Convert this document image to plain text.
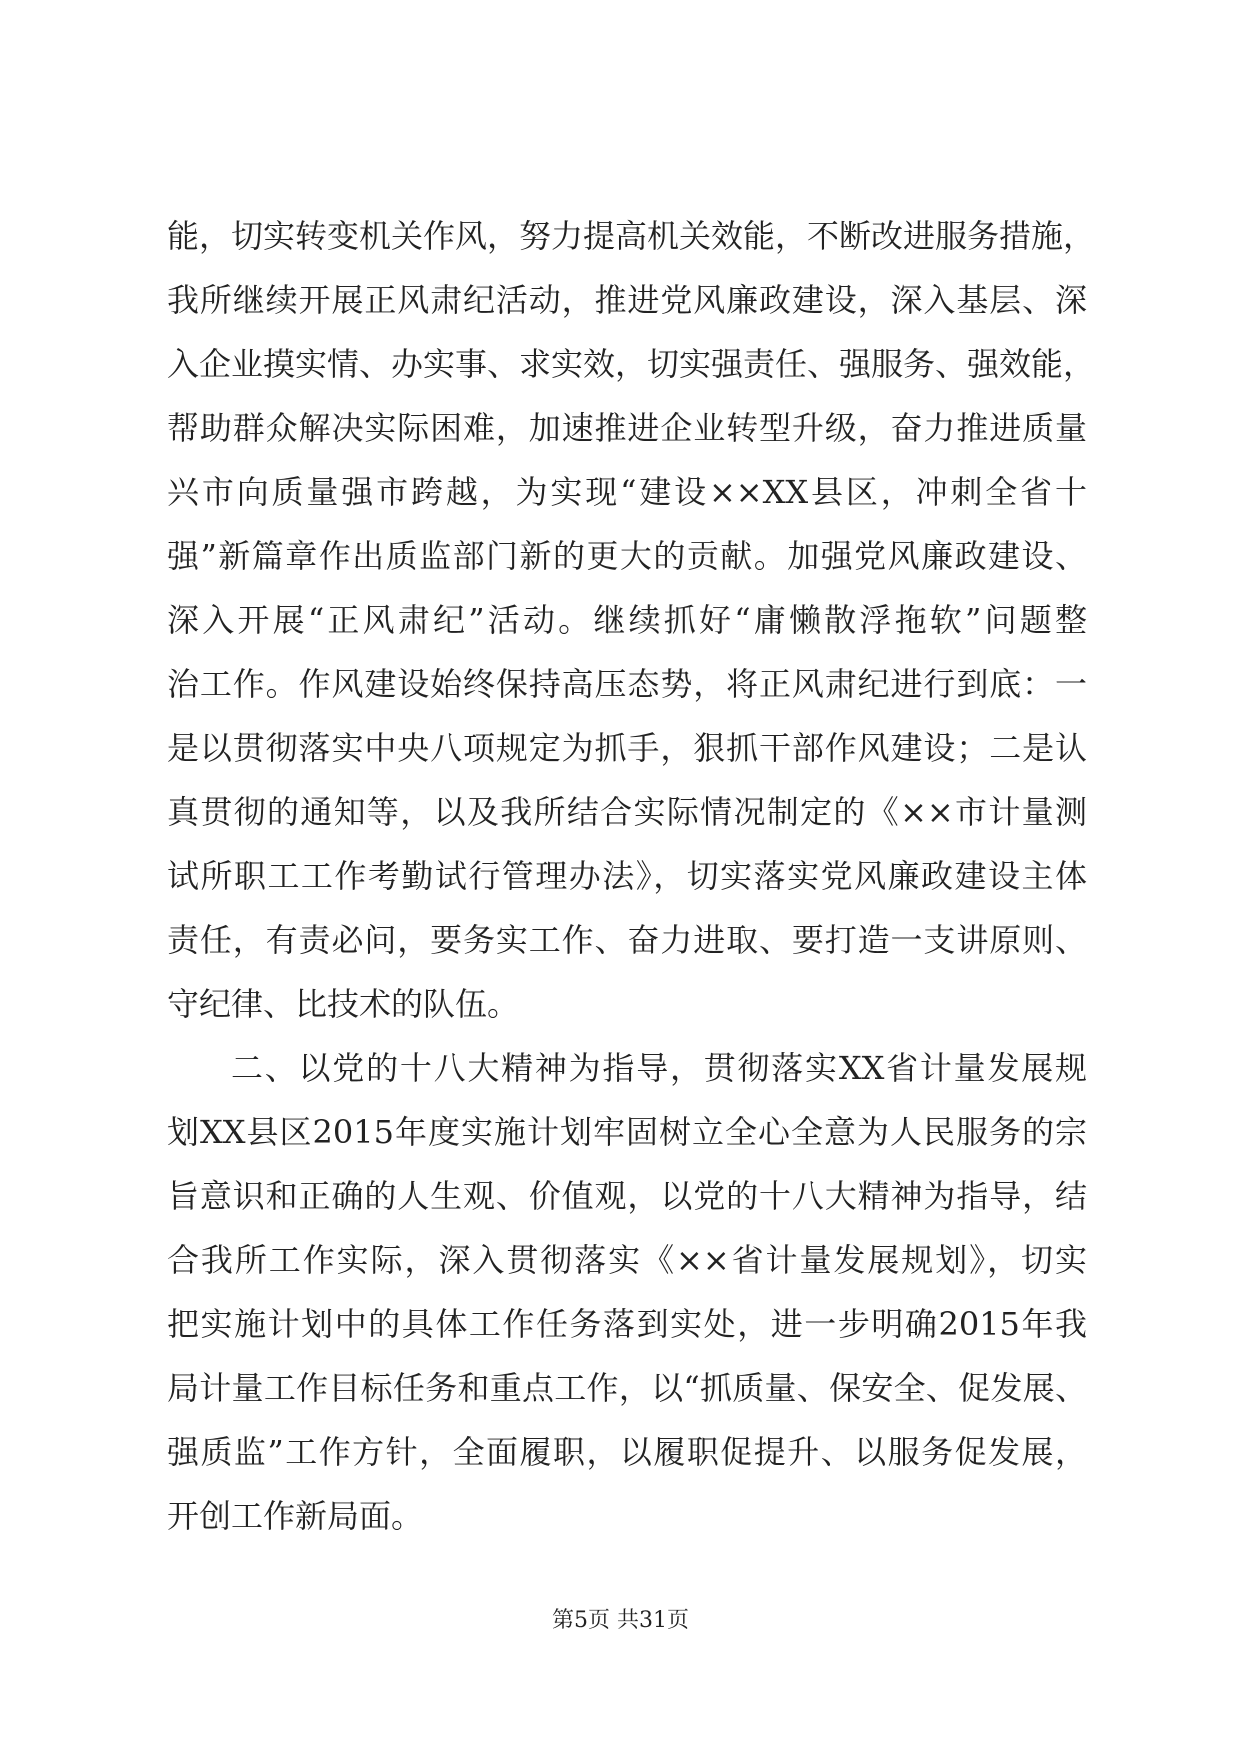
能，切实转变机关作风，努力提高机关效能，不断改进服务措施，
我所继续开展正风肃纪活动，推进党风廉政建设，深入基层、深
入企业摸实情、办实事、求实效，切实强责任、强服务、强效能，
帮助群众解决实际困难，加速推进企业转型升级，奋力推进质量
兴市向质量强市跨越，为实现“建设××XX县区，冲刺全省十
强”新篇章作出质监部门新的更大的贡献。加强党风廉政建设、
深入开展“正风肃纪”活动。继续抓好“庸懒散浮拖软”问题整
治工作。作风建设始终保持高压态势，将正风肃纪进行到底：一
是以贯彻落实中央八项规定为抓手，狠抓干部作风建设；二是认
真贯彻的通知等，以及我所结合实际情况制定的《××市计量测
试所职工工作考勤试行管理办法》，切实落实党风廉政建设主体
责任，有责必问，要务实工作、奋力进取、要打造一支讲原则、
守纪律、比技术的队伍。
二、以党的十八大精神为指导，贯彻落实XX省计量发展规
划XX县区2015年度实施计划牢固树立全心全意为人民服务的宗
旨意识和正确的人生观、价值观，以党的十八大精神为指导，结
合我所工作实际，深入贯彻落实《××省计量发展规划》，切实
把实施计划中的具体工作任务落到实处，进一步明确2015年我
局计量工作目标任务和重点工作，以“抓质量、保安全、促发展、
强质监”工作方针，全面履职，以履职促提升、以服务促发展，
开创工作新局面。
第5页 共31页
